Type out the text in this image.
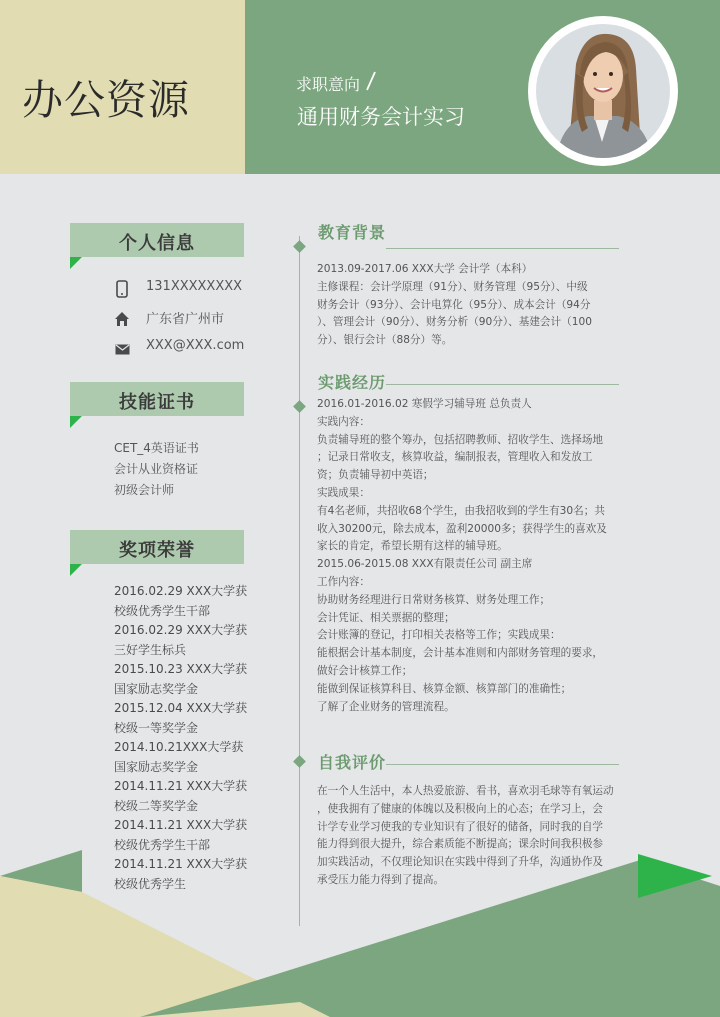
办公资源	求职意向
通用财务会计实习
个人信息
131XXXXXXXX
广东省广州市
XXX@XXX.com
技能证书
CET_4英语证书
会计从业资格证
初级会计师
奖项荣誉
2016.02.29 XXX大学获
校级优秀学生干部
2016.02.29 XXX大学获
三好学生标兵
2015.10.23 XXX大学获
国家励志奖学金
2015.12.04 XXX大学获
校级一等奖学金
2014.10.21XXX大学获
国家励志奖学金
2014.11.21 XXX大学获
校级二等奖学金
2014.11.21 XXX大学获
校级优秀学生干部
2014.11.21 XXX大学获
校级优秀学生
教育背景
2013.09-2017.06 XXX大学 会计学（本科）
主修课程：会计学原理（91分）、财务管理（95分）、中级
财务会计（93分）、会计电算化（95分）、成本会计（94分
）、管理会计（90分）、财务分析（90分）、基建会计（100
分）、银行会计（88分）等。
实践经历
2016.01-2016.02 寒假学习辅导班 总负责人
实践内容：
负责辅导班的整个筹办，包括招聘教师、招收学生、选择场地
；记录日常收支，核算收益，编制报表，管理收入和发放工
资；负责辅导初中英语；
实践成果：
有4名老师，共招收68个学生，由我招收到的学生有30名；共
收入30200元，除去成本，盈利20000多；获得学生的喜欢及
家长的肯定，希望长期有这样的辅导班。
2015.06-2015.08 XXX有限责任公司 副主席
工作内容：
协助财务经理进行日常财务核算、财务处理工作；
会计凭证、相关票据的整理；
会计账簿的登记，打印相关表格等工作；实践成果：
能根据会计基本制度，会计基本准则和内部财务管理的要求，
做好会计核算工作；
能做到保证核算科目、核算金额、核算部门的准确性；
了解了企业财务的管理流程。
自我评价
在一个人生活中，本人热爱旅游、看书，喜欢羽毛球等有氧运动
，使我拥有了健康的体魄以及积极向上的心态；在学习上，会
计学专业学习使我的专业知识有了很好的储备，同时我的自学
能力得到很大提升，综合素质能不断提高；课余时间我积极参
加实践活动，不仅理论知识在实践中得到了升华，沟通协作及
承受压力能力得到了提高。
